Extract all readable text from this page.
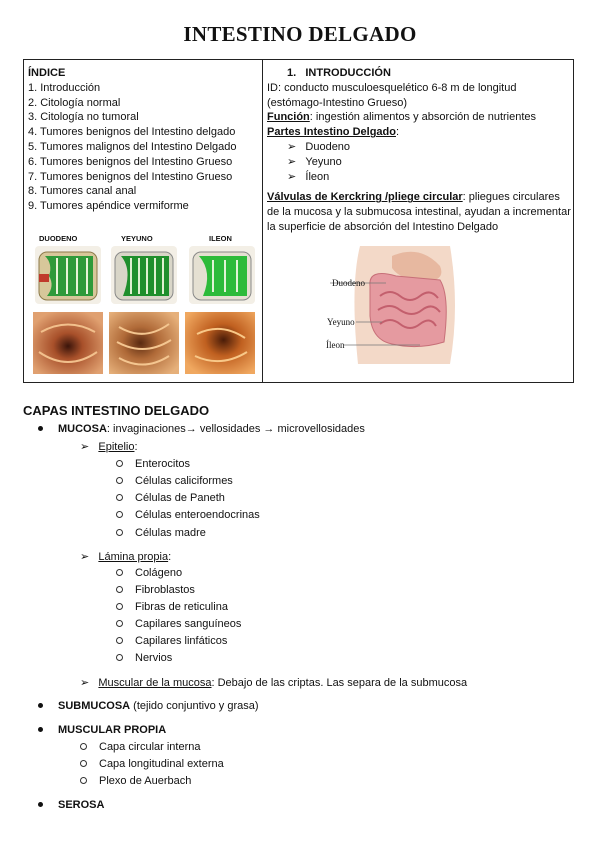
INTESTINO DELGADO
ÍNDICE
1. Introducción
2. Citología normal
3. Citología no tumoral
4. Tumores benignos del Intestino delgado
5. Tumores malignos del Intestino Delgado
6. Tumores benignos del Intestino Grueso
7. Tumores benignos del Intestino Grueso
8. Tumores canal anal
9. Tumores apéndice vermiforme
DUODENO	YEYUNO	ILEON
1. INTRODUCCIÓN
ID: conducto musculoesquelético 6-8 m de longitud
(estómago-Intestino Grueso)
Función: ingestión alimentos y absorción de nutrientes
Partes Intestino Delgado:
➢ Duodeno
➢ Yeyuno
➢ Íleon
Válvulas de Kerckring /pliege circular: pliegues circulares de la mucosa y la submucosa intestinal, ayudan a incrementar la superficie de absorción del Intestino Delgado
Duodeno
Yeyuno
Íleon
CAPAS INTESTINO DELGADO
MUCOSA: invaginaciones→ vellosidades → microvellosidades
➢ Epitelio:
Enterocitos
Células caliciformes
Células de Paneth
Células enteroendocrinas
Células madre
➢ Lámina propia:
Colágeno
Fibroblastos
Fibras de reticulina
Capilares sanguíneos
Capilares linfáticos
Nervios
➢ Muscular de la mucosa: Debajo de las criptas. Las separa de la submucosa
SUBMUCOSA (tejido conjuntivo y grasa)
MUSCULAR PROPIA
Capa circular interna
Capa longitudinal externa
Plexo de Auerbach
SEROSA
